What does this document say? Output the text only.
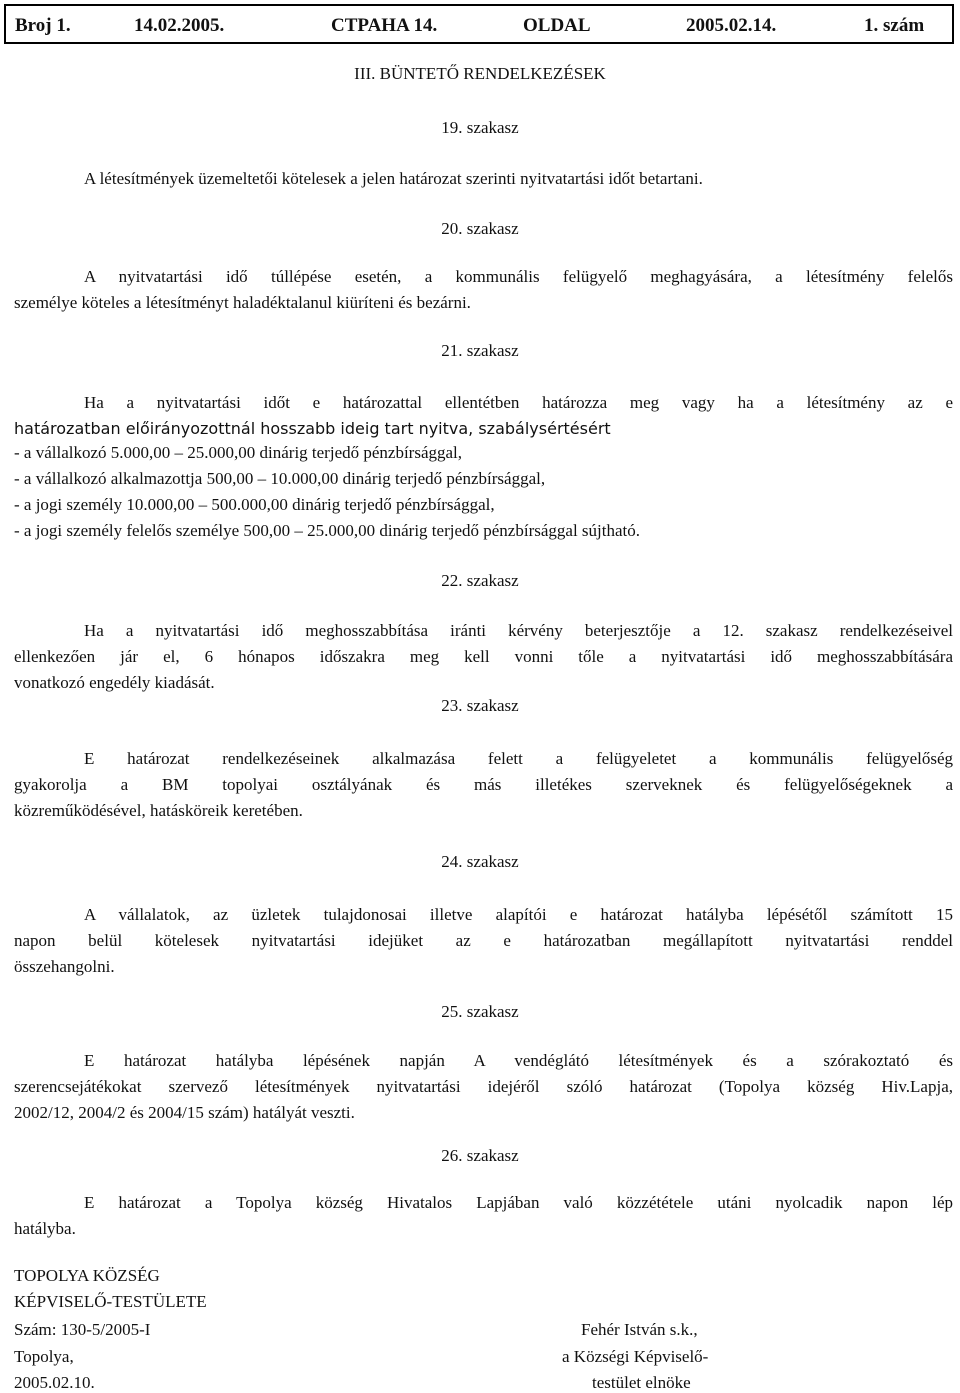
Broj 1.	14.02.2005.	CTPAHA 14.	OLDAL	2005.02.14.	1. szám
III. BÜNTETŐ RENDELKEZÉSEK
19. szakasz
A létesítmények üzemeltetői kötelesek a jelen határozat szerinti nyitvatartási időt betartani.
20. szakasz

A nyitvatartási idő túllépése esetén, a kommunális felügyelő meghagyására, a létesítmény felelős

személye köteles a létesítményt haladéktalanul kiüríteni és bezárni.

21. szakasz

Ha a nyitvatartási időt e határozattal ellentétben határozza meg vagy ha a létesítmény az e

határozatban előirányozottnál hosszabb ideig tart nyitva, szabálysértésért

- a vállalkozó 5.000,00 – 25.000,00 dinárig terjedő pénzbírsággal,
- a vállalkozó alkalmazottja 500,00 – 10.000,00 dinárig terjedő pénzbírsággal,
- a jogi személy 10.000,00 – 500.000,00 dinárig terjedő pénzbírsággal,
- a jogi személy felelős személye 500,00 – 25.000,00 dinárig terjedő pénzbírsággal sújtható.
22. szakasz

Ha a nyitvatartási idő meghosszabbítása iránti kérvény beterjesztője a 12. szakasz rendelkezéseivel

ellenkezően jár el, 6 hónapos időszakra meg kell vonni tőle a nyitvatartási idő meghosszabbítására

vonatkozó engedély kiadását.

23. szakasz

E határozat rendelkezéseinek alkalmazása felett a felügyeletet a kommunális felügyelőség

gyakorolja a BM topolyai osztályának és más illetékes szerveknek és felügyelőségeknek a

közreműködésével, hatásköreik keretében.

24. szakasz

A vállalatok, az üzletek tulajdonosai illetve alapítói e határozat hatályba lépésétől számított 15

napon belül kötelesek nyitvatartási idejüket az e határozatban megállapított nyitvatartási renddel

összehangolni.

25. szakasz

E határozat hatályba lépésének napján A vendéglátó létesítmények és a szórakoztató és

szerencsejátékokat szervező létesítmények nyitvatartási idejéről szóló határozat (Topolya község Hiv.Lapja,

2002/12, 2004/2 és 2004/15 szám) hatályát veszti.

26. szakasz

E határozat a Topolya község Hivatalos Lapjában való közzététele utáni nyolcadik napon lép

hatályba.

TOPOLYA KÖZSÉG
KÉPVISELŐ-TESTÜLETE
Szám: 130-5/2005-I
Topolya,
2005.02.10.
Fehér István s.k.,
a Községi Képviselő-
testület elnöke
